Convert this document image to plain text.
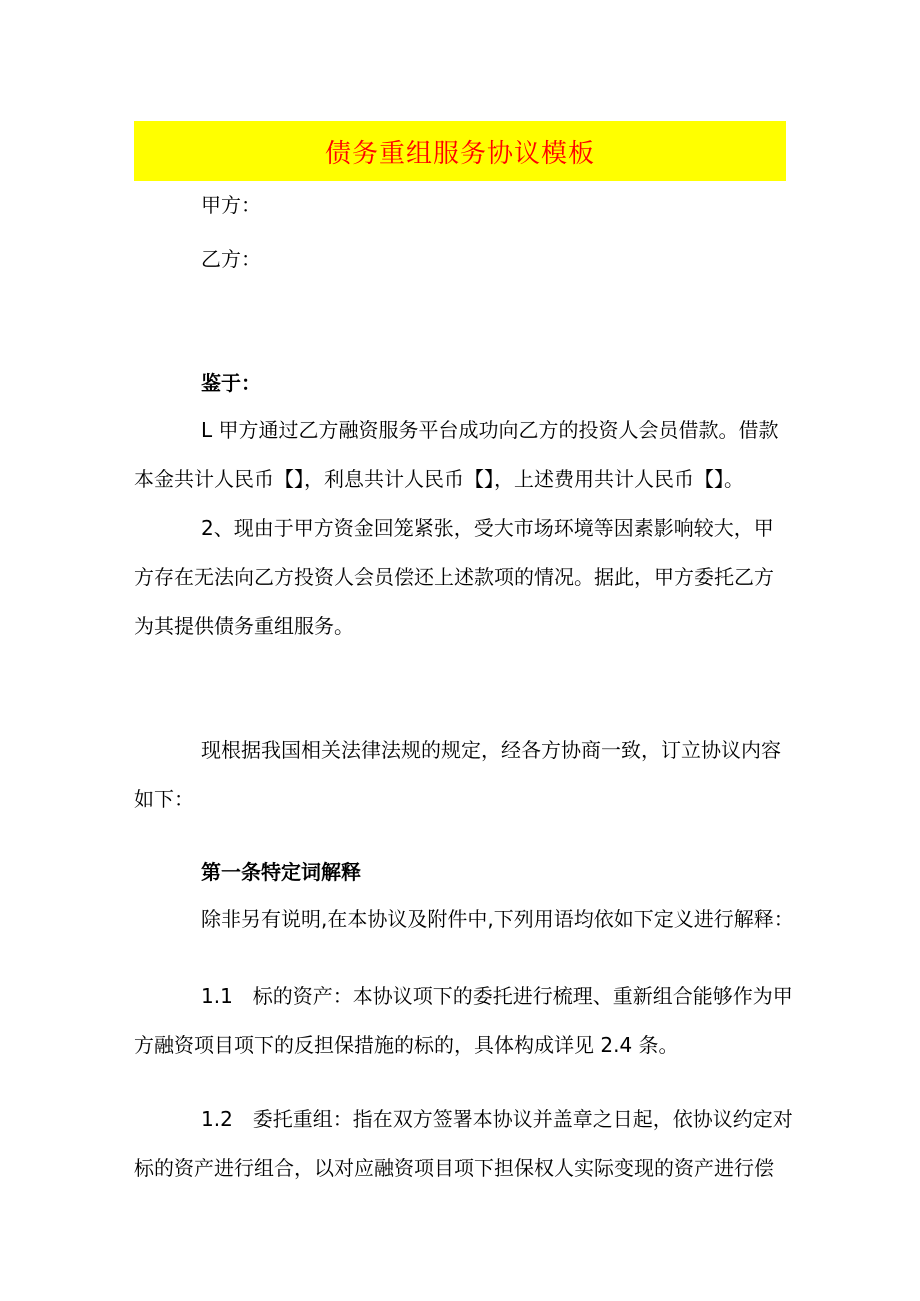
债务重组服务协议模板
甲方：
乙方：
鉴于：
L 甲方通过乙方融资服务平台成功向乙方的投资人会员借款。借款
本金共计人民币【】，利息共计人民币【】，上述费用共计人民币【】。
2、现由于甲方资金回笼紧张，受大市场环境等因素影响较大，甲
方存在无法向乙方投资人会员偿还上述款项的情况。据此，甲方委托乙方
为其提供债务重组服务。
现根据我国相关法律法规的规定，经各方协商一致，订立协议内容
如下：
第一条特定词解释
除非另有说明,在本协议及附件中,下列用语均依如下定义进行解释：
1.1　标的资产：本协议项下的委托进行梳理、重新组合能够作为甲
方融资项目项下的反担保措施的标的，具体构成详见 2.4 条。
1.2　委托重组：指在双方签署本协议并盖章之日起，依协议约定对
标的资产进行组合，以对应融资项目项下担保权人实际变现的资产进行偿
